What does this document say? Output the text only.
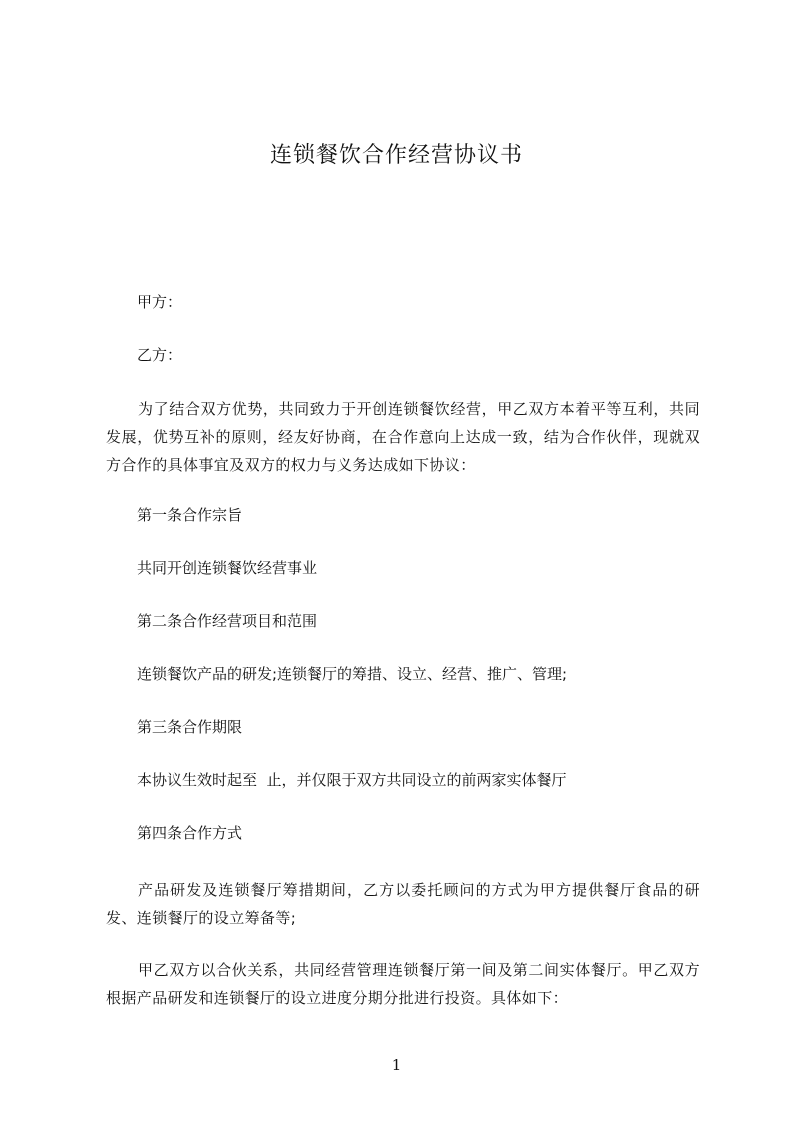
连锁餐饮合作经营协议书

甲方：

乙方：

为了结合双方优势，共同致力于开创连锁餐饮经营，甲乙双方本着平等互利，共同发展，优势互补的原则，经友好协商，在合作意向上达成一致，结为合作伙伴，现就双方合作的具体事宜及双方的权力与义务达成如下协议：

第一条合作宗旨

共同开创连锁餐饮经营事业

第二条合作经营项目和范围

连锁餐饮产品的研发;连锁餐厅的筹措、设立、经营、推广、管理;

第三条合作期限

本协议生效时起至  止，并仅限于双方共同设立的前两家实体餐厅

第四条合作方式

产品研发及连锁餐厅筹措期间，乙方以委托顾问的方式为甲方提供餐厅食品的研发、连锁餐厅的设立筹备等;

甲乙双方以合伙关系，共同经营管理连锁餐厅第一间及第二间实体餐厅。甲乙双方根据产品研发和连锁餐厅的设立进度分期分批进行投资。具体如下：

1
